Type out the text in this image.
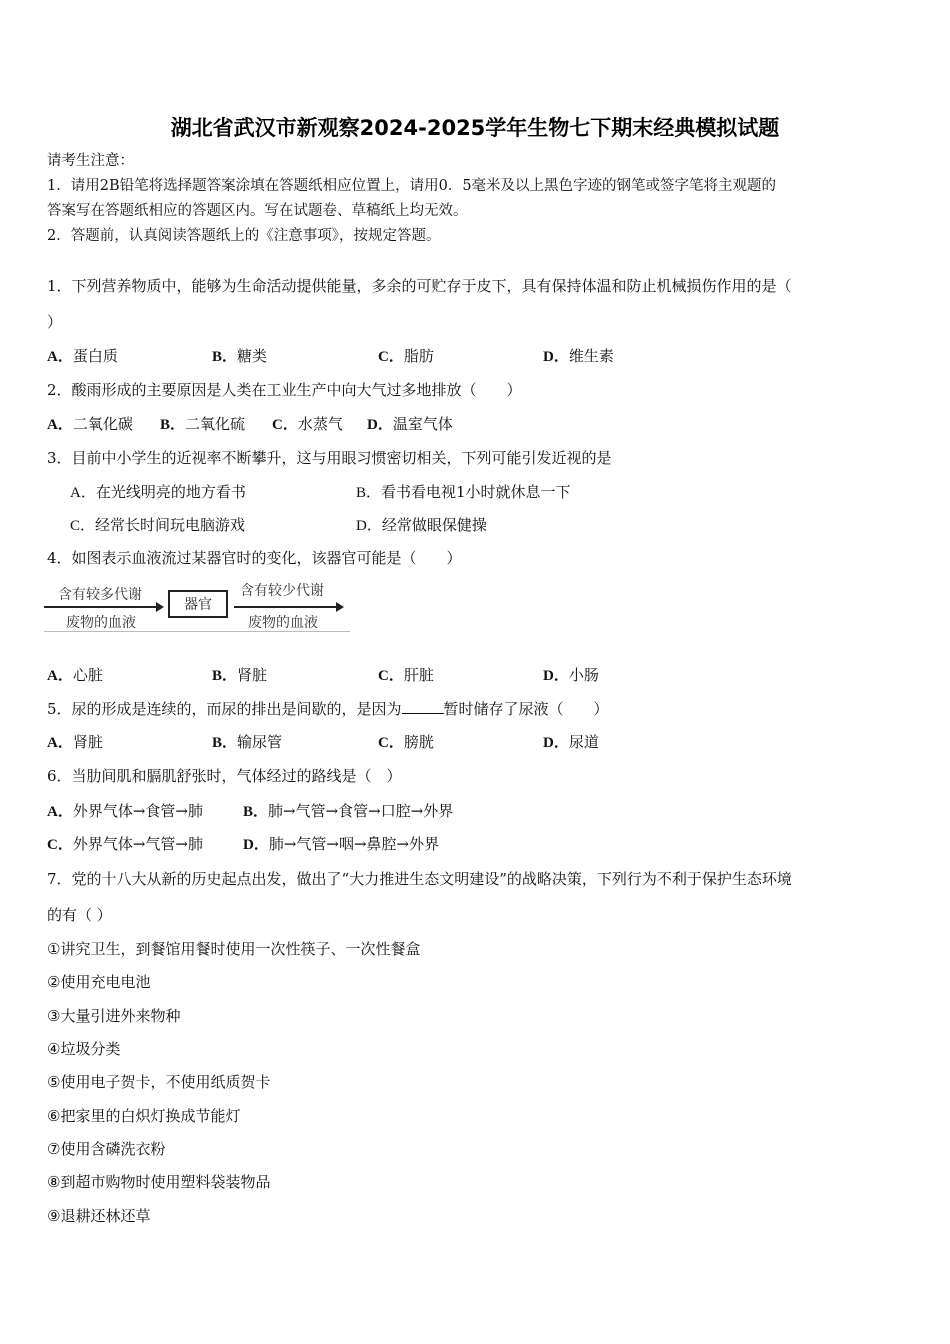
湖北省武汉市新观察2024-2025学年生物七下期末经典模拟试题
请考生注意：
1．请用2B铅笔将选择题答案涂填在答题纸相应位置上，请用0．5毫米及以上黑色字迹的钢笔或签字笔将主观题的
答案写在答题纸相应的答题区内。写在试题卷、草稿纸上均无效。
2．答题前，认真阅读答题纸上的《注意事项》，按规定答题。
1．下列营养物质中，能够为生命活动提供能量，多余的可贮存于皮下，具有保持体温和防止机械损伤作用的是（
）
A．蛋白质	B．糖类	C．脂肪	D．维生素
2．酸雨形成的主要原因是人类在工业生产中向大气过多地排放（　　）
A．二氧化碳 B．二氧化硫 C．水蒸气 D．温室气体
3．目前中小学生的近视率不断攀升，这与用眼习惯密切相关，下列可能引发近视的是
A．在光线明亮的地方看书	B．看书看电视1小时就休息一下
C．经常长时间玩电脑游戏	D．经常做眼保健操
4．如图表示血液流过某器官时的变化，该器官可能是（　　）
含有较多代谢
废物的血液
器官
含有较少代谢
废物的血液
A．心脏	B．肾脏	C．肝脏	D．小肠
5．尿的形成是连续的，而尿的排出是间歇的，是因为	暂时储存了尿液（　　）
A．肾脏	B．输尿管	C．膀胱	D．尿道
6．当肋间肌和膈肌舒张时，气体经过的路线是（　）
A．外界气体→食管→肺	B．肺→气管→食管→口腔→外界
C．外界气体→气管→肺	D．肺→气管→咽→鼻腔→外界
7．党的十八大从新的历史起点出发，做出了“大力推进生态文明建设”的战略决策，下列行为不利于保护生态环境
的有（ ）
①讲究卫生，到餐馆用餐时使用一次性筷子、一次性餐盒
②使用充电电池
③大量引进外来物种
④垃圾分类
⑤使用电子贺卡，不使用纸质贺卡
⑥把家里的白炽灯换成节能灯
⑦使用含磷洗衣粉
⑧到超市购物时使用塑料袋装物品
⑨退耕还林还草
